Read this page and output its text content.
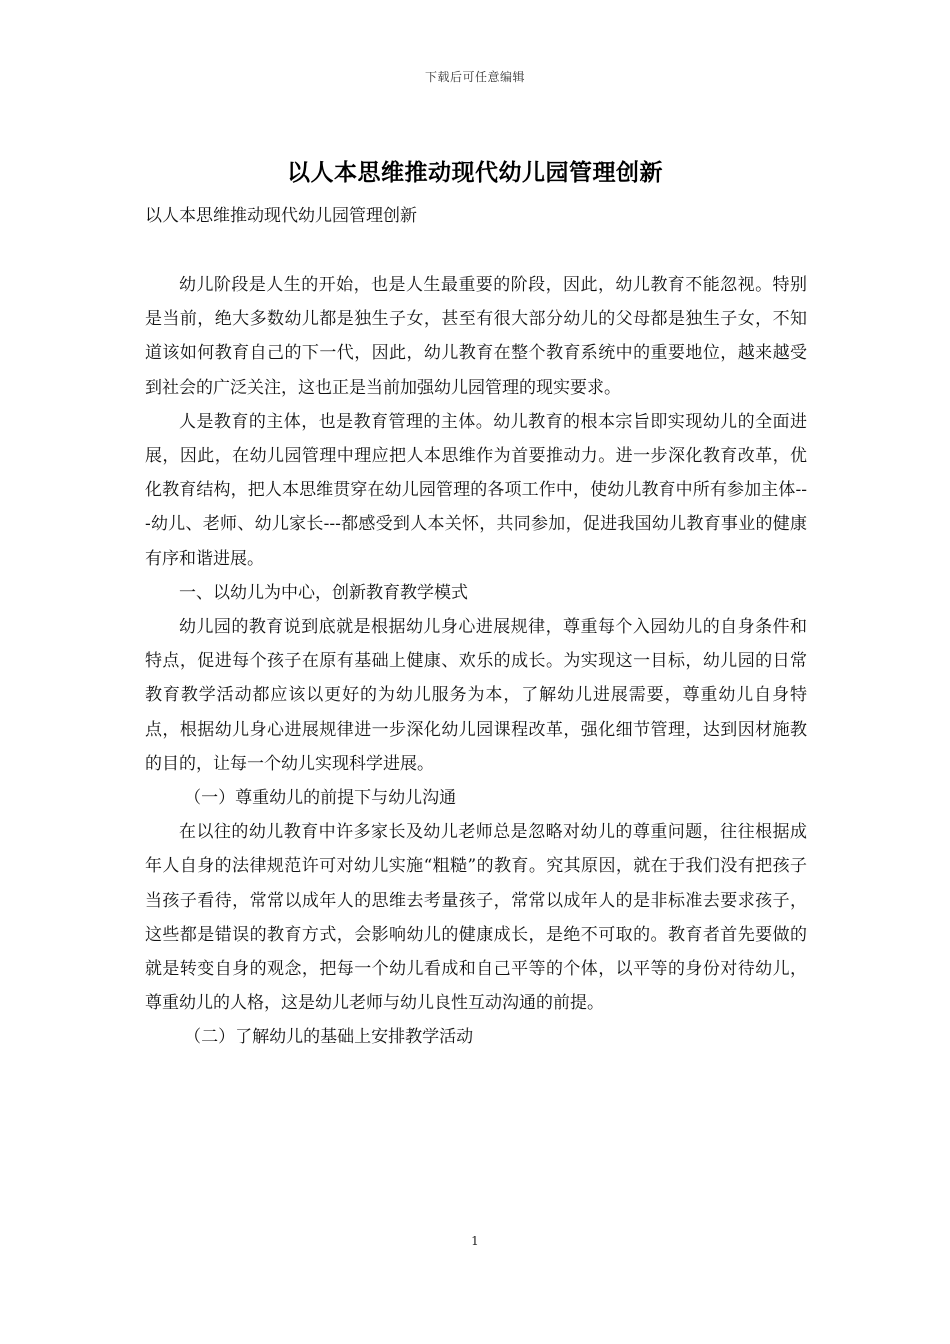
下载后可任意编辑
以人本思维推动现代幼儿园管理创新
以人本思维推动现代幼儿园管理创新

幼儿阶段是人生的开始，也是人生最重要的阶段，因此，幼儿教育不能忽视。特别是当前，绝大多数幼儿都是独生子女，甚至有很大部分幼儿的父母都是独生子女，不知道该如何教育自己的下一代，因此，幼儿教育在整个教育系统中的重要地位，越来越受到社会的广泛关注，这也正是当前加强幼儿园管理的现实要求。

人是教育的主体，也是教育管理的主体。幼儿教育的根本宗旨即实现幼儿的全面进展，因此，在幼儿园管理中理应把人本思维作为首要推动力。进一步深化教育改革，优化教育结构，把人本思维贯穿在幼儿园管理的各项工作中，使幼儿教育中所有参加主体---幼儿、老师、幼儿家长---都感受到人本关怀，共同参加，促进我国幼儿教育事业的健康有序和谐进展。

一、以幼儿为中心，创新教育教学模式

幼儿园的教育说到底就是根据幼儿身心进展规律，尊重每个入园幼儿的自身条件和特点，促进每个孩子在原有基础上健康、欢乐的成长。为实现这一目标，幼儿园的日常教育教学活动都应该以更好的为幼儿服务为本，了解幼儿进展需要，尊重幼儿自身特点，根据幼儿身心进展规律进一步深化幼儿园课程改革，强化细节管理，达到因材施教的目的，让每一个幼儿实现科学进展。

（一）尊重幼儿的前提下与幼儿沟通

在以往的幼儿教育中许多家长及幼儿老师总是忽略对幼儿的尊重问题，往往根据成年人自身的法律规范许可对幼儿实施“粗糙”的教育。究其原因，就在于我们没有把孩子当孩子看待，常常以成年人的思维去考量孩子，常常以成年人的是非标准去要求孩子，这些都是错误的教育方式，会影响幼儿的健康成长，是绝不可取的。教育者首先要做的就是转变自身的观念，把每一个幼儿看成和自己平等的个体，以平等的身份对待幼儿，尊重幼儿的人格，这是幼儿老师与幼儿良性互动沟通的前提。

（二）了解幼儿的基础上安排教学活动

1
